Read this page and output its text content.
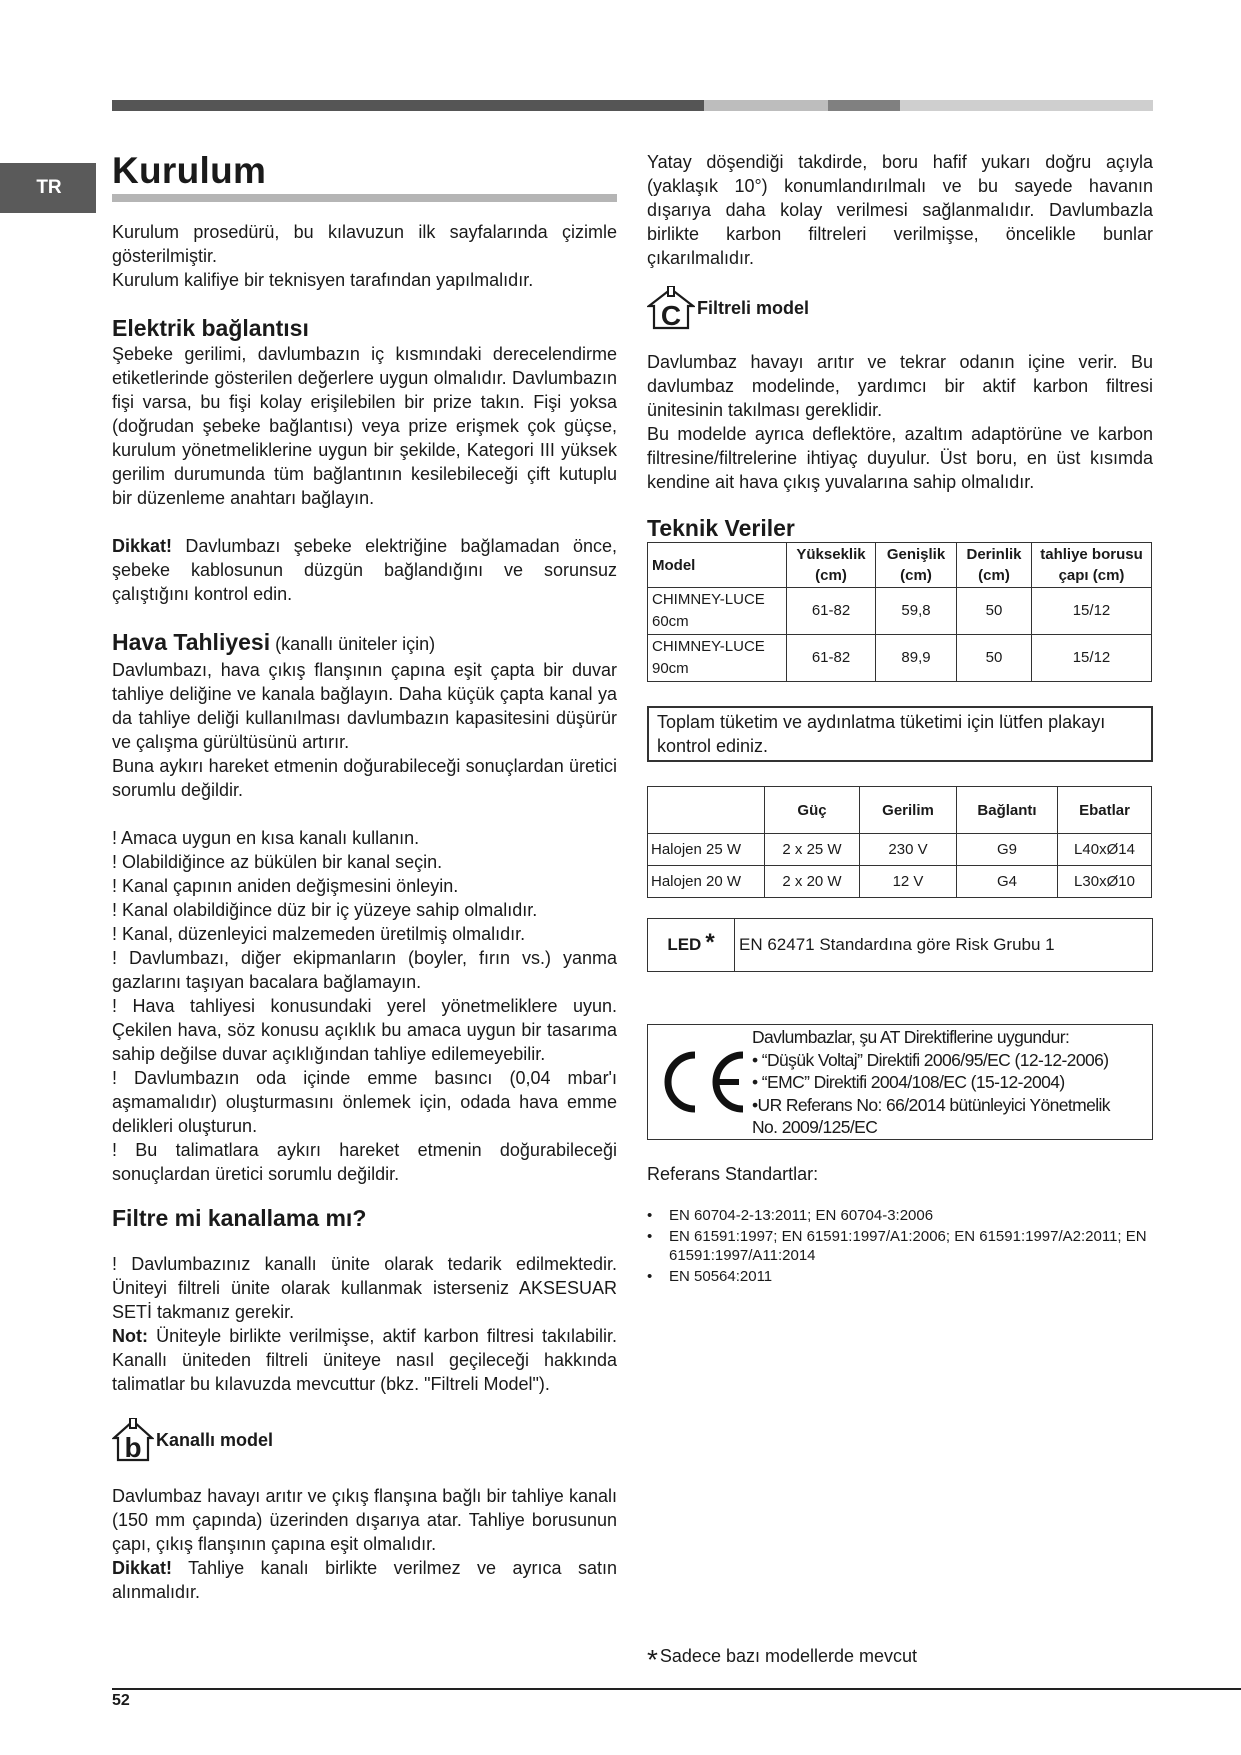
TR	Kurulum

Kurulum prosedürü, bu kılavuzun ilk sayfalarında çizimle gösterilmiştir.

Kurulum kalifiye bir teknisyen tarafından yapılmalıdır.

Elektrik bağlantısı

Şebeke gerilimi, davlumbazın iç kısmındaki derecelendirme etiketlerinde gösterilen değerlere uygun olmalıdır. Davlumbazın fişi varsa, bu fişi kolay erişilebilen bir prize takın. Fişi yoksa (doğrudan şebeke bağlantısı) veya prize erişmek çok güçse, kurulum yönetmeliklerine uygun bir şekilde, Kategori III yüksek gerilim durumunda tüm bağlantının kesilebileceği çift kutuplu bir düzenleme anahtarı bağlayın.

Dikkat! Davlumbazı şebeke elektriğine bağlamadan önce, şebeke kablosunun düzgün bağlandığını ve sorunsuz çalıştığını kontrol edin.

Hava Tahliyesi (kanallı üniteler için)

Davlumbazı, hava çıkış flanşının çapına eşit çapta bir duvar tahliye deliğine ve kanala bağlayın. Daha küçük çapta kanal ya da tahliye deliği kullanılması davlumbazın kapasitesini düşürür ve çalışma gürültüsünü artırır.

Buna aykırı hareket etmenin doğurabileceği sonuçlardan üretici sorumlu değildir.

! Amaca uygun en kısa kanalı kullanın.

! Olabildiğince az bükülen bir kanal seçin.

! Kanal çapının aniden değişmesini önleyin.

! Kanal olabildiğince düz bir iç yüzeye sahip olmalıdır.

! Kanal, düzenleyici malzemeden üretilmiş olmalıdır.

! Davlumbazı, diğer ekipmanların (boyler, fırın vs.) yanma gazlarını taşıyan bacalara bağlamayın.

! Hava tahliyesi konusundaki yerel yönetmeliklere uyun. Çekilen hava, söz konusu açıklık bu amaca uygun bir tasarıma sahip değilse duvar açıklığından tahliye edilemeyebilir.

! Davlumbazın oda içinde emme basıncı (0,04 mbar'ı aşmamalıdır) oluşturmasını önlemek için, odada hava emme delikleri oluşturun.

! Bu talimatlara aykırı hareket etmenin doğurabileceği sonuçlardan üretici sorumlu değildir.

Filtre mi kanallama mı?

! Davlumbazınız kanallı ünite olarak tedarik edilmektedir. Üniteyi filtreli ünite olarak kullanmak isterseniz AKSESUAR SETİ takmanız gerekir.

Not: Üniteyle birlikte verilmişse, aktif karbon filtresi takılabilir. Kanallı üniteden filtreli üniteye nasıl geçileceği hakkında talimatlar bu kılavuzda mevcuttur (bkz. "Filtreli Model").

b Kanallı model

Davlumbaz havayı arıtır ve çıkış flanşına bağlı bir tahliye kanalı (150 mm çapında) üzerinden dışarıya atar. Tahliye borusunun çapı, çıkış flanşının çapına eşit olmalıdır.

Dikkat! Tahliye kanalı birlikte verilmez ve ayrıca satın alınmalıdır.

Yatay döşendiği takdirde, boru hafif yukarı doğru açıyla (yaklaşık 10°) konumlandırılmalı ve bu sayede havanın dışarıya daha kolay verilmesi sağlanmalıdır. Davlumbazla birlikte karbon filtreleri verilmişse, öncelikle bunlar çıkarılmalıdır.

C Filtreli model

Davlumbaz havayı arıtır ve tekrar odanın içine verir. Bu davlumbaz modelinde, yardımcı bir aktif karbon filtresi ünitesinin takılması gereklidir.

Bu modelde ayrıca deflektöre, azaltım adaptörüne ve karbon filtresine/filtrelerine ihtiyaç duyulur. Üst boru, en üst kısımda kendine ait hava çıkış yuvalarına sahip olmalıdır.

Teknik Veriler
Model	Yükseklik (cm)	Genişlik (cm)	Derinlik (cm)	tahliye borusu çapı (cm)
CHIMNEY-LUCE 60cm	61-82	59,8	50	15/12
CHIMNEY-LUCE 90cm	61-82	89,9	50	15/12
Toplam tüketim ve aydınlatma tüketimi için lütfen plakayı kontrol ediniz.
	Güç	Gerilim	Bağlantı	Ebatlar
Halojen 25 W	2 x 25 W	230 V	G9	L40xØ14
Halojen 20 W	2 x 20 W	12 V	G4	L30xØ10
LED* EN 62471 Standardına göre Risk Grubu 1
Davlumbazlar, şu AT Direktiflerine uygundur:
• “Düşük Voltaj” Direktifi 2006/95/EC (12-12-2006)
• “EMC” Direktifi 2004/108/EC (15-12-2004)
•UR Referans No: 66/2014 bütünleyici Yönetmelik
No. 2009/125/EC

Referans Standartlar:

• EN 60704-2-13:2011; EN 60704-3:2006
• EN 61591:1997; EN 61591:1997/A1:2006; EN 61591:1997/A2:2011; EN 61591:1997/A11:2014
• EN 50564:2011
* Sadece bazı modellerde mevcut
52
